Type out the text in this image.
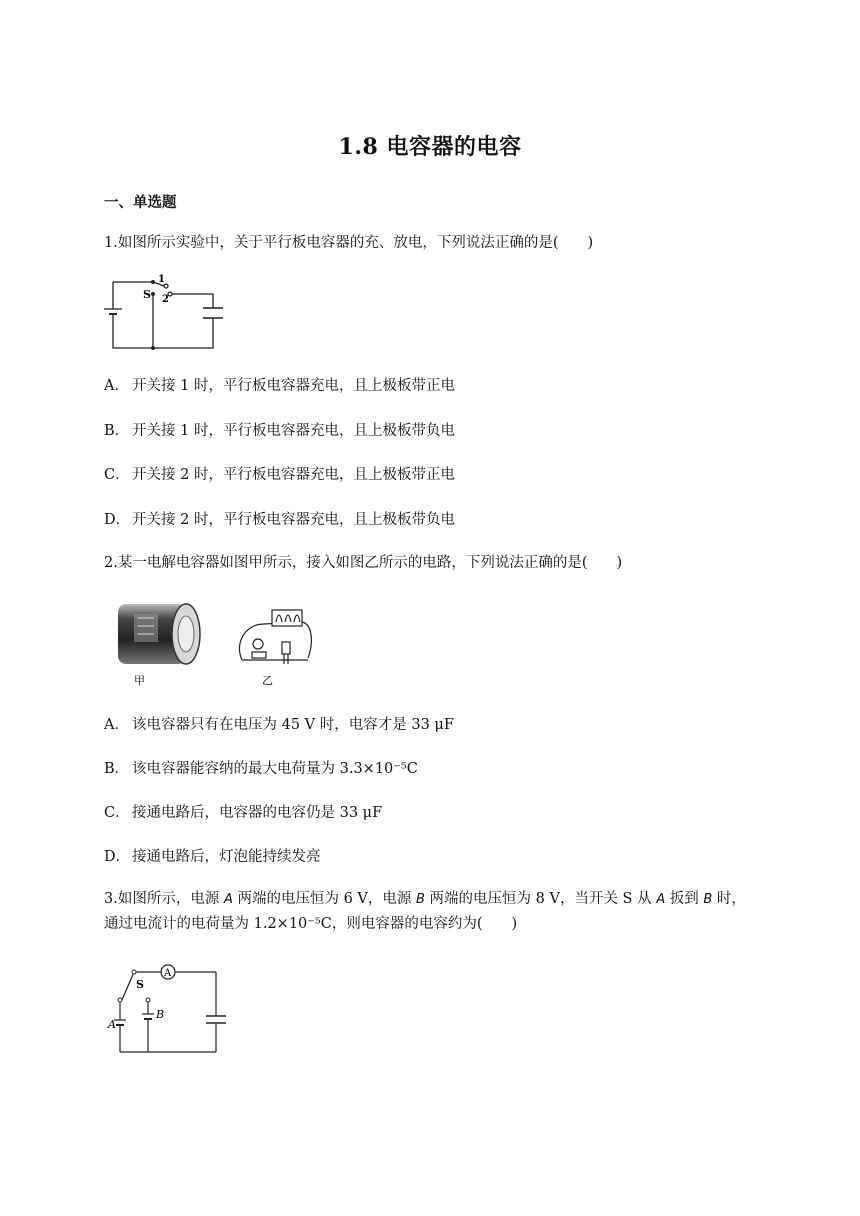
1.8 电容器的电容
一、单选题
1.如图所示实验中，关于平行板电容器的充、放电，下列说法正确的是(　　)
S
1
2
A． 开关接 1 时，平行板电容器充电，且上极板带正电
B． 开关接 1 时，平行板电容器充电，且上极板带负电
C． 开关接 2 时，平行板电容器充电，且上极板带正电
D． 开关接 2 时，平行板电容器充电，且上极板带负电
2.某一电解电容器如图甲所示，接入如图乙所示的电路，下列说法正确的是(　　)
甲	乙
A． 该电容器只有在电压为 45 V 时，电容才是 33 μF
B． 该电容器能容纳的最大电荷量为 3.3×10⁻⁵C
C． 接通电路后，电容器的电容仍是 33 μF
D． 接通电路后，灯泡能持续发亮
3.如图所示，电源 A 两端的电压恒为 6 V，电源 B 两端的电压恒为 8 V，当开关 S 从 A 扳到 B 时，
通过电流计的电荷量为 1.2×10⁻⁵C，则电容器的电容约为(　　)
A
S
A
B
